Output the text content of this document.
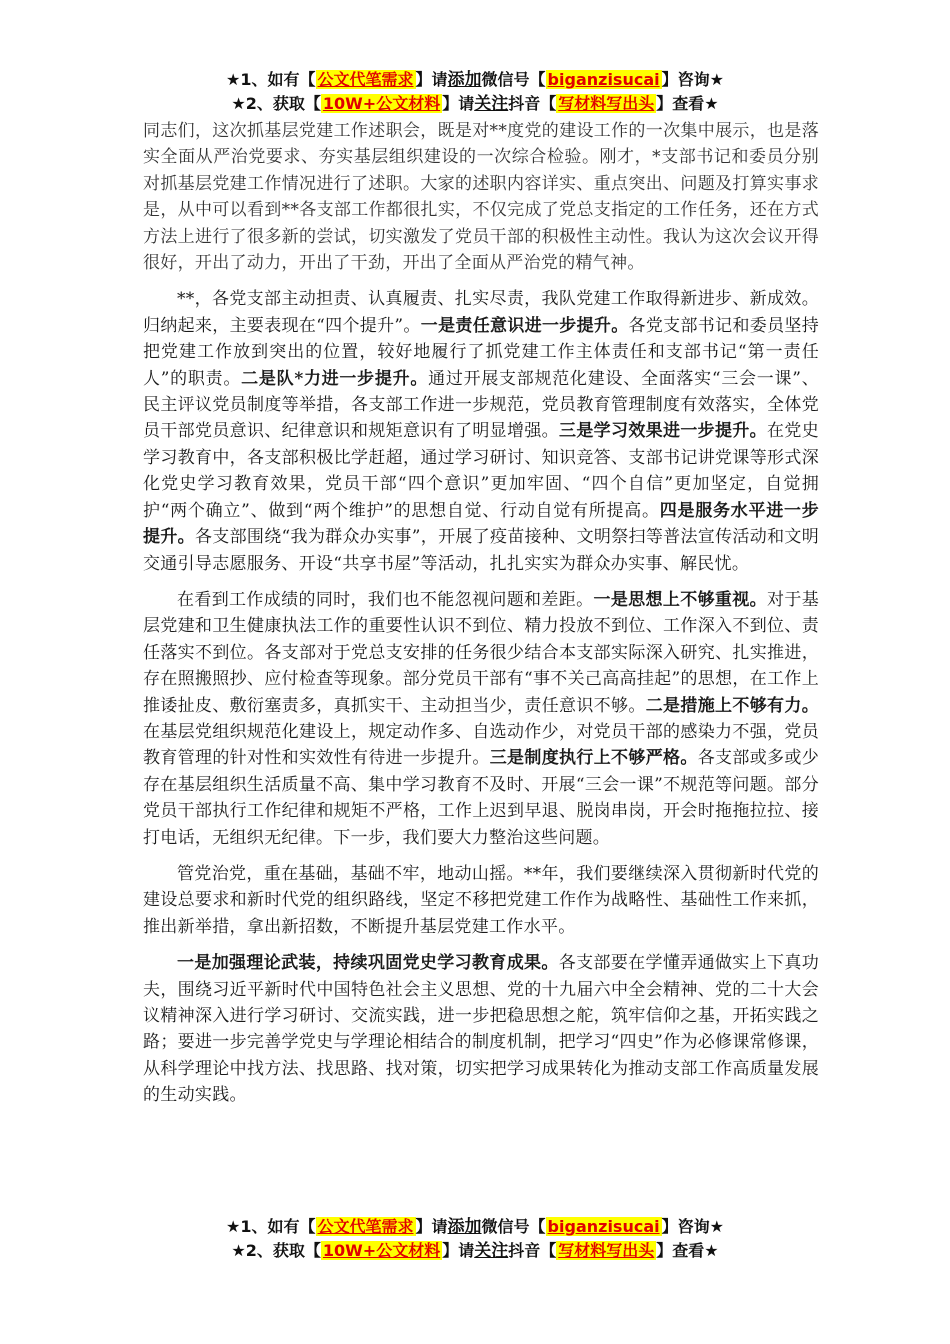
★1、如有【 公文代笔需求 】请添加微信号【 biganzisucai 】咨询★
★2、获取【 10W+公文材料 】请关注抖音【 写材料写出头 】查看★

同志们，这次抓基层党建工作述职会，既是对**度党的建设工作的一次集中展示，也是落实全面从严治党要求、夯实基层组织建设的一次综合检验。刚才，*支部书记和委员分别对抓基层党建工作情况进行了述职。大家的述职内容详实、重点突出、问题及打算实事求是，从中可以看到**各支部工作都很扎实，不仅完成了党总支指定的工作任务，还在方式方法上进行了很多新的尝试，切实激发了党员干部的积极性主动性。我认为这次会议开得很好，开出了动力，开出了干劲，开出了全面从严治党的精气神。

**，各党支部主动担责、认真履责、扎实尽责，我队党建工作取得新进步、新成效。归纳起来，主要表现在“四个提升”。一是责任意识进一步提升。各党支部书记和委员坚持把党建工作放到突出的位置，较好地履行了抓党建工作主体责任和支部书记“第一责任人”的职责。二是队*力进一步提升。通过开展支部规范化建设、全面落实“三会一课”、民主评议党员制度等举措，各支部工作进一步规范，党员教育管理制度有效落实，全体党员干部党员意识、纪律意识和规矩意识有了明显增强。三是学习效果进一步提升。在党史学习教育中，各支部积极比学赶超，通过学习研讨、知识竞答、支部书记讲党课等形式深化党史学习教育效果，党员干部“四个意识”更加牢固、“四个自信”更加坚定，自觉拥护“两个确立”、做到“两个维护”的思想自觉、行动自觉有所提高。四是服务水平进一步提升。各支部围绕“我为群众办实事”，开展了疫苗接种、文明祭扫等普法宣传活动和文明交通引导志愿服务、开设“共享书屋”等活动，扎扎实实为群众办实事、解民忧。

在看到工作成绩的同时，我们也不能忽视问题和差距。一是思想上不够重视。对于基层党建和卫生健康执法工作的重要性认识不到位、精力投放不到位、工作深入不到位、责任落实不到位。各支部对于党总支安排的任务很少结合本支部实际深入研究、扎实推进，存在照搬照抄、应付检查等现象。部分党员干部有“事不关己高高挂起”的思想，在工作上推诿扯皮、敷衍塞责多，真抓实干、主动担当少，责任意识不够。二是措施上不够有力。在基层党组织规范化建设上，规定动作多、自选动作少，对党员干部的感染力不强，党员教育管理的针对性和实效性有待进一步提升。三是制度执行上不够严格。各支部或多或少存在基层组织生活质量不高、集中学习教育不及时、开展“三会一课”不规范等问题。部分党员干部执行工作纪律和规矩不严格，工作上迟到早退、脱岗串岗，开会时拖拖拉拉、接打电话，无组织无纪律。下一步，我们要大力整治这些问题。

管党治党，重在基础，基础不牢，地动山摇。**年，我们要继续深入贯彻新时代党的建设总要求和新时代党的组织路线，坚定不移把党建工作作为战略性、基础性工作来抓，推出新举措，拿出新招数，不断提升基层党建工作水平。

一是加强理论武装，持续巩固党史学习教育成果。各支部要在学懂弄通做实上下真功夫，围绕习近平新时代中国特色社会主义思想、党的十九届六中全会精神、党的二十大会议精神深入进行学习研讨、交流实践，进一步把稳思想之舵，筑牢信仰之基，开拓实践之路；要进一步完善学党史与学理论相结合的制度机制，把学习“四史”作为必修课常修课，从科学理论中找方法、找思路、找对策，切实把学习成果转化为推动支部工作高质量发展的生动实践。

★1、如有【 公文代笔需求 】请添加微信号【 biganzisucai 】咨询★
★2、获取【 10W+公文材料 】请关注抖音【 写材料写出头 】查看★
